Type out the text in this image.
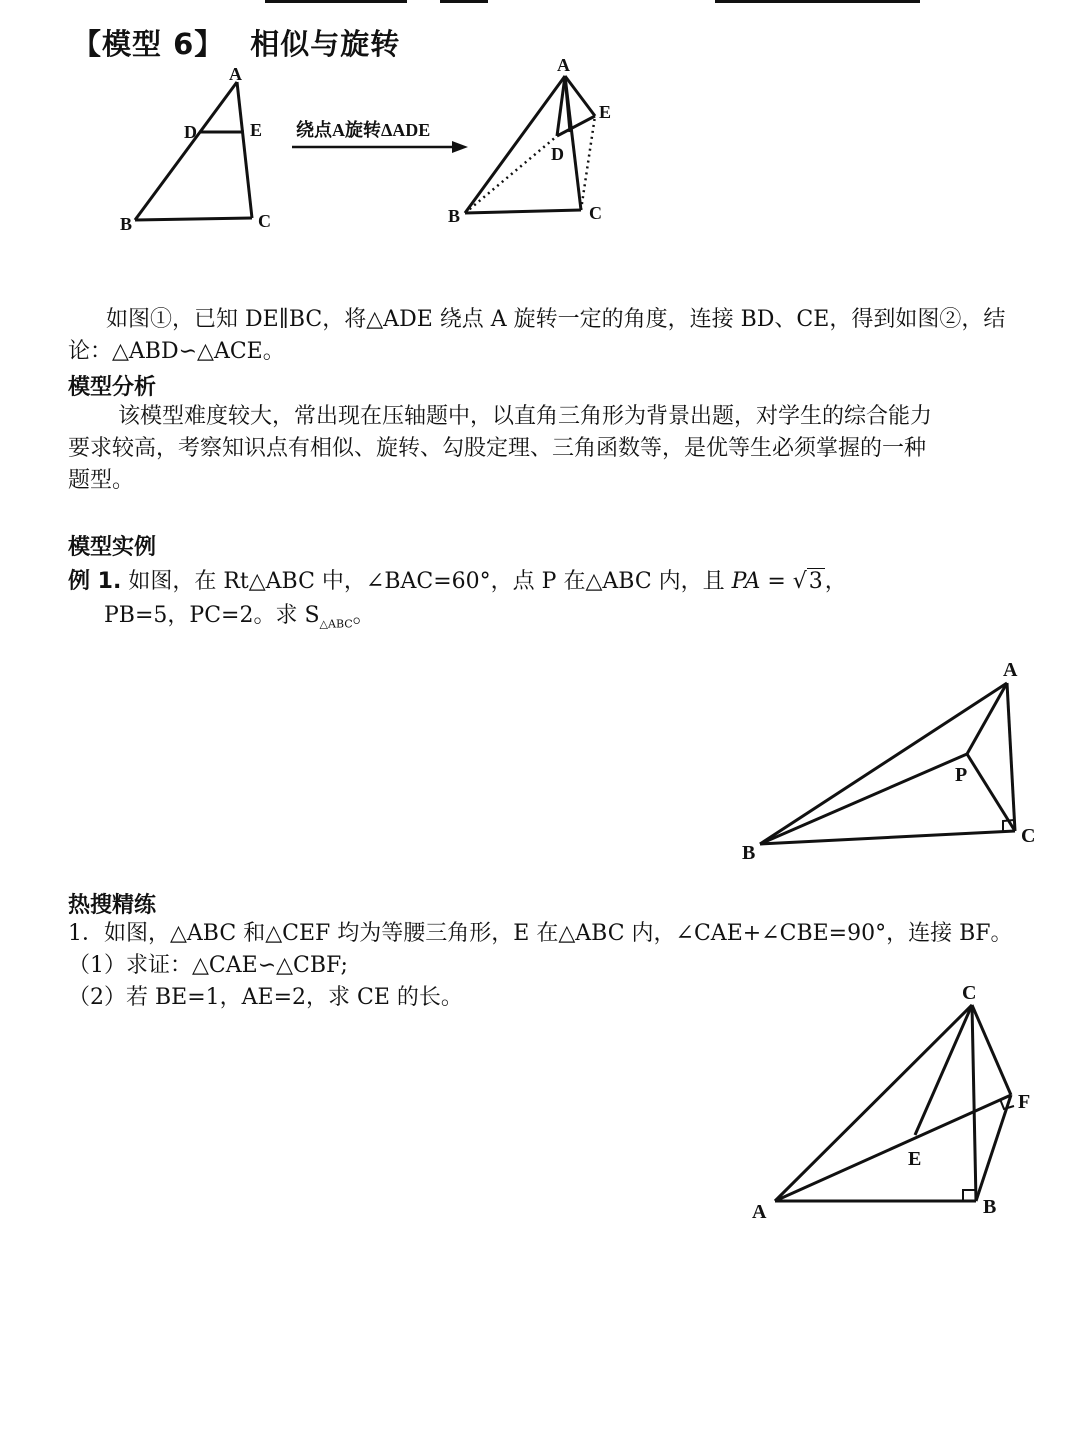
【模型 6】 相似与旋转
A
D	E
B	C
绕点A旋转ΔADE
A
E
D
B	C

如图①，已知 DE∥BC，将△ADE 绕点 A 旋转一定的角度，连接 BD、CE，得到如图②，结
论：△ABD∽△ACE。

模型分析

该模型难度较大，常出现在压轴题中，以直角三角形为背景出题，对学生的综合能力
要求较高，考察知识点有相似、旋转、勾股定理、三角函数等，是优等生必须掌握的一种
题型。

模型实例

例 1. 如图，在 Rt△ABC 中，∠BAC=60°，点 P 在△ABC 内，且 PA = √3，

PB=5，PC=2。求 $S_{\triangle ABC}$。

A
P
B
C
热搜精练

1．如图，△ABC 和△CEF 均为等腰三角形，E 在△ABC 内，∠CAE+∠CBE=90°，连接 BF。

（1）求证：△CAE∽△CBF;

（2）若 BE=1，AE=2，求 CE 的长。	C
F
E
A	B
